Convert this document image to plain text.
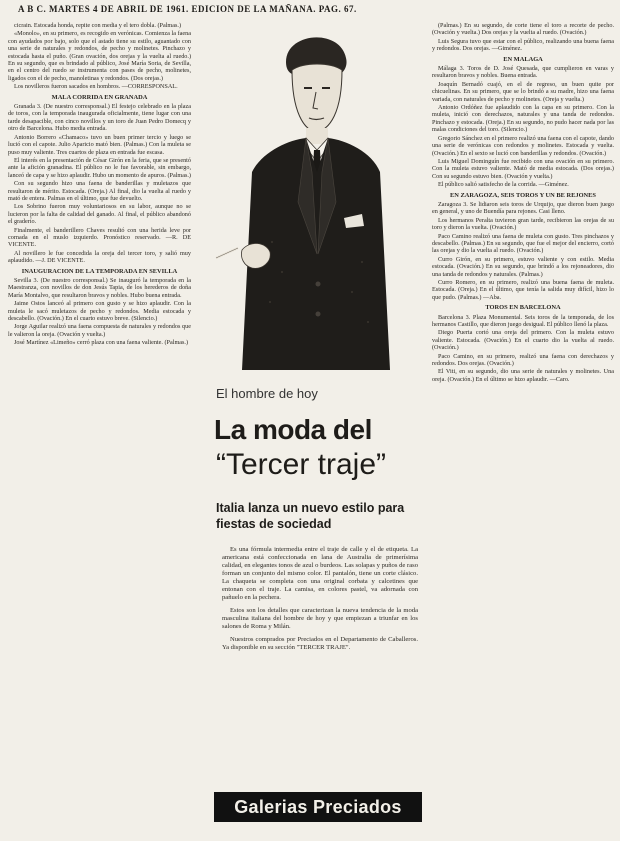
A B C. MARTES 4 DE ABRIL DE 1961. EDICION DE LA MAÑANA. PAG. 67.

cicrain. Estocada honda, repite con media y el tero dobla. (Palmas.)

«Monolo», en su primero, es recogido en verónicas. Comienza la faena con ayudados por bajo, solo que el astado tiene su estilo, aguantado con una serie de naturales y redondos, de pecho y molinetes. Pinchazo y estocada hasta el puño. (Gran ovación, dos orejas y la vuelta al ruedo.) En su segundo, que es brindado al público, José María Soria, de Sevilla, en el centro del ruedo se instrumenta con pases de pecho, molinetes, ligados con el de pecho, manoletinas y redondos. (Dos orejas.)

Los novilleros fueron sacados en hombros. —CORRESPONSAL.

MALA CORRIDA EN GRANADA

Granada 3. (De nuestro corresponsal.) El festejo celebrado en la plaza de toros, con la temporada inaugurada oficialmente, tiene lugar con una tarde desapacible, con cinco novillos y un toro de Juan Pedro Domecq y otro de Barcelona. Hubo media entrada.

Antonio Borrero «Chamaco» tuvo un buen primer tercio y luego se lució con el capote. Julio Aparicio mató bien. (Palmas.) Con la muleta se puso muy valiente. Tres cuartos de plaza en entrada fue escasa.

El interés en la presentación de César Girón en la feria, que se presentó ante la afición granadina. El público no le fue favorable, sin embargo, lanceó de capa y se hizo aplaudir. Hubo un momento de apuros. (Palmas.)

Con su segundo hizo una faena de banderillas y muletazos que resultaron de mérito. Estocada. (Oreja.) Al final, dio la vuelta al ruedo y mató de entera. Palmas en el último, que fue devuelto.

Los Sobrino fueron muy voluntariosos en su labor, aunque no se lucieron por la falta de calidad del ganado. Al final, el público abandonó el graderío.

Finalmente, el banderillero Chaves resultó con una herida leve por cornada en el muslo izquierdo. Pronóstico reservado. —R. DE VICENTE.

Al novillero le fue concedida la oreja del tercer toro, y salió muy aplaudido. —J. DE VICENTE.

INAUGURACION DE LA TEMPORADA EN SEVILLA

Sevilla 3. (De nuestro corresponsal.) Se inauguró la temporada en la Maestranza, con novillos de don Jesús Tapia, de los herederos de doña María Montalvo, que resultaron bravos y nobles. Hubo buena entrada.

Jaime Ostos lanceó al primero con gusto y se hizo aplaudir. Con la muleta le sacó muletazos de pecho y redondos. Media estocada y descabello. (Ovación.) En el cuarto estuvo breve. (Silencio.)

Jorge Aguilar realizó una faena compuesta de naturales y redondos que le valieron la oreja. (Ovación y vuelta.)

José Martínez «Limeño» cerró plaza con una faena valiente. (Palmas.)

El hombre de hoy
La moda del
“Tercer traje”
Italia lanza un nuevo estilo para fiestas de sociedad

Es una fórmula intermedia entre el traje de calle y el de etiqueta. La americana está confeccionada en lana de Australia de primerísima calidad, en elegantes tonos de azul o burdeos. Las solapas y puños de raso forman un conjunto del mismo color. El pantalón, tiene un corte clásico. La chaqueta se completa con una original corbata y calcetines que entonan con el traje. La camisa, en colores pastel, va adornada con pañuelo en la pechera.

Estos son los detalles que caracterizan la nueva tendencia de la moda masculina italiana del hombre de hoy y que empiezan a triunfar en los salones de Roma y Milán.

Nuestros comprados por Preciados en el Departamento de Caballeros. Ya disponible en su sección "TERCER TRAJE".

Galerias Preciados

(Palmas.) En su segundo, de corte tiene el toro a recorte de pecho. (Ovación y vuelta.) Dos orejas y la vuelta al ruedo. (Ovación.)

Luis Segura tuvo que estar con el público, realizando una buena faena y redondos. Dos orejas. —Giménez.

EN MALAGA

Málaga 3. Toros de D. José Quesada, que cumplieron en varas y resultaron bravos y nobles. Buena entrada.

Joaquín Bernadó cuajó, en el de regreso, un buen quite por chicuelinas. En su primero, que se lo brindó a su madre, hizo una faena variada, con naturales de pecho y molinetes. (Oreja y vuelta.)

Antonio Ordóñez fue aplaudido con la capa en su primero. Con la muleta, inició con derechazos, naturales y una tanda de redondos. Pinchazo y estocada. (Oreja.) En su segundo, no pudo hacer nada por las malas condiciones del toro. (Silencio.)

Gregorio Sánchez en el primero realizó una faena con el capote, dando una serie de verónicas con redondos y molinetes. Estocada y vuelta. (Ovación.) En el sexto se lució con banderillas y redondos. (Ovación.)

Luis Miguel Dominguín fue recibido con una ovación en su primero. Con la muleta estuvo valiente. Mató de media estocada. (Dos orejas.) Con su segundo estuvo bien. (Ovación y vuelta.)

El público salió satisfecho de la corrida. —Giménez.

EN ZARAGOZA, SEIS TOROS Y UN BE REJONES

Zaragoza 3. Se lidiaron seis toros de Urquijo, que dieron buen juego en general, y uno de Buendía para rejones. Casi lleno.

Los hermanos Peralta tuvieron gran tarde, recibieron las orejas de su toro y dieron la vuelta. (Ovación.)

Paco Camino realizó una faena de muleta con gusto. Tres pinchazos y descabello. (Palmas.) En su segundo, que fue el mejor del encierro, cortó las orejas y dio la vuelta al ruedo. (Ovación.)

Curro Girón, en su primero, estuvo valiente y con estilo. Media estocada. (Ovación.) En su segundo, que brindó a los rejoneadores, dio una tanda de redondos y naturales. (Palmas.)

Curro Romero, en su primero, realizó una buena faena de muleta. Estocada. (Oreja.) En el último, que tenía la salida muy difícil, hizo lo que pudo. (Palmas.) —Aba.

TOROS EN BARCELONA

Barcelona 3. Plaza Monumental. Seis toros de la temporada, de los hermanos Castillo, que dieron juego desigual. El público llenó la plaza.

Diego Puerta cortó una oreja del primero. Con la muleta estuvo valiente. Estocada. (Ovación.) En el cuarto dio la vuelta al ruedo. (Ovación.)

Paco Camino, en su primero, realizó una faena con derechazos y redondos. Dos orejas. (Ovación.)

El Viti, en su segundo, dio una serie de naturales y molinetes. Una oreja. (Ovación.) En el último se hizo aplaudir. —Caro.
